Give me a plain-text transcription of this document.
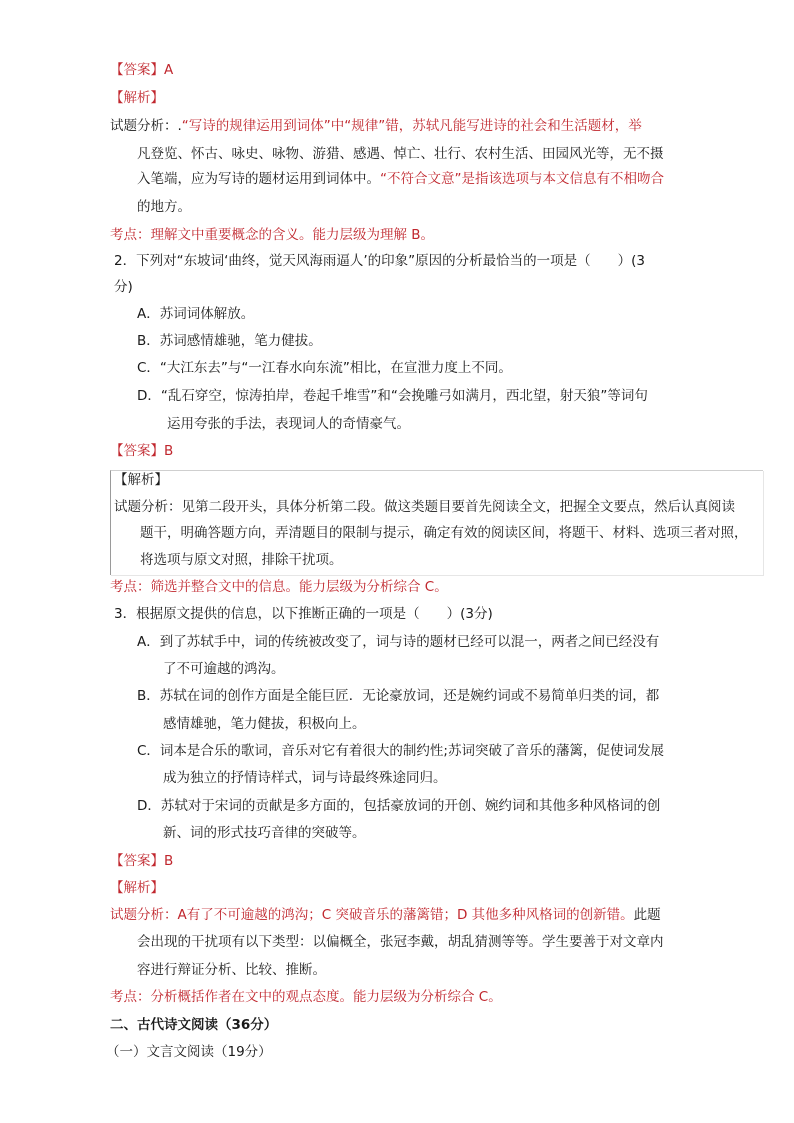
【答案】A
【解析】
试题分析：.“写诗的规律运用到词体”中“规律”错，苏轼凡能写进诗的社会和生活题材，举
凡登览、怀古、咏史、咏物、游猎、感遇、悼亡、壮行、农村生活、田园风光等，无不摄
入笔端，应为写诗的题材运用到词体中。“不符合文意”是指该选项与本文信息有不相吻合
的地方。
考点：理解文中重要概念的含义。能力层级为理解 B。
2．下列对“东坡词‘曲终，觉天风海雨逼人’的印象”原因的分析最恰当的一项是（　　）(3
分)
A．苏词词体解放。
B．苏词感情雄驰，笔力健拔。
C．“大江东去”与“一江春水向东流”相比，在宣泄力度上不同。
D．“乱石穿空，惊涛拍岸，卷起千堆雪”和“会挽雕弓如满月，西北望，射天狼”等词句
运用夸张的手法，表现词人的奇情豪气。
【答案】B
【解析】
试题分析：见第二段开头，具体分析第二段。做这类题目要首先阅读全文，把握全文要点，然后认真阅读
题干，明确答题方向，弄清题目的限制与提示，确定有效的阅读区间，将题干、材料、选项三者对照，
将选项与原文对照，排除干扰项。
考点：筛选并整合文中的信息。能力层级为分析综合 C。
3．根据原文提供的信息，以下推断正确的一项是（　　）(3分)
A．到了苏轼手中，词的传统被改变了，词与诗的题材已经可以混一，两者之间已经没有
了不可逾越的鸿沟。
B．苏轼在词的创作方面是全能巨匠．无论豪放词，还是婉约词或不易简单归类的词，都
感情雄驰，笔力健拔，积极向上。
C．词本是合乐的歌词，音乐对它有着很大的制约性;苏词突破了音乐的藩篱，促使词发展
成为独立的抒情诗样式，词与诗最终殊途同归。
D．苏轼对于宋词的贡献是多方面的，包括豪放词的开创、婉约词和其他多种风格词的创
新、词的形式技巧音律的突破等。
【答案】B
【解析】
试题分析：A有了不可逾越的鸿沟；C 突破音乐的藩篱错；D 其他多种风格词的创新错。此题
会出现的干扰项有以下类型：以偏概全，张冠李戴，胡乱猜测等等。学生要善于对文章内
容进行辩证分析、比较、推断。
考点：分析概括作者在文中的观点态度。能力层级为分析综合 C。
二、古代诗文阅读（36分）
（一）文言文阅读（19分）
